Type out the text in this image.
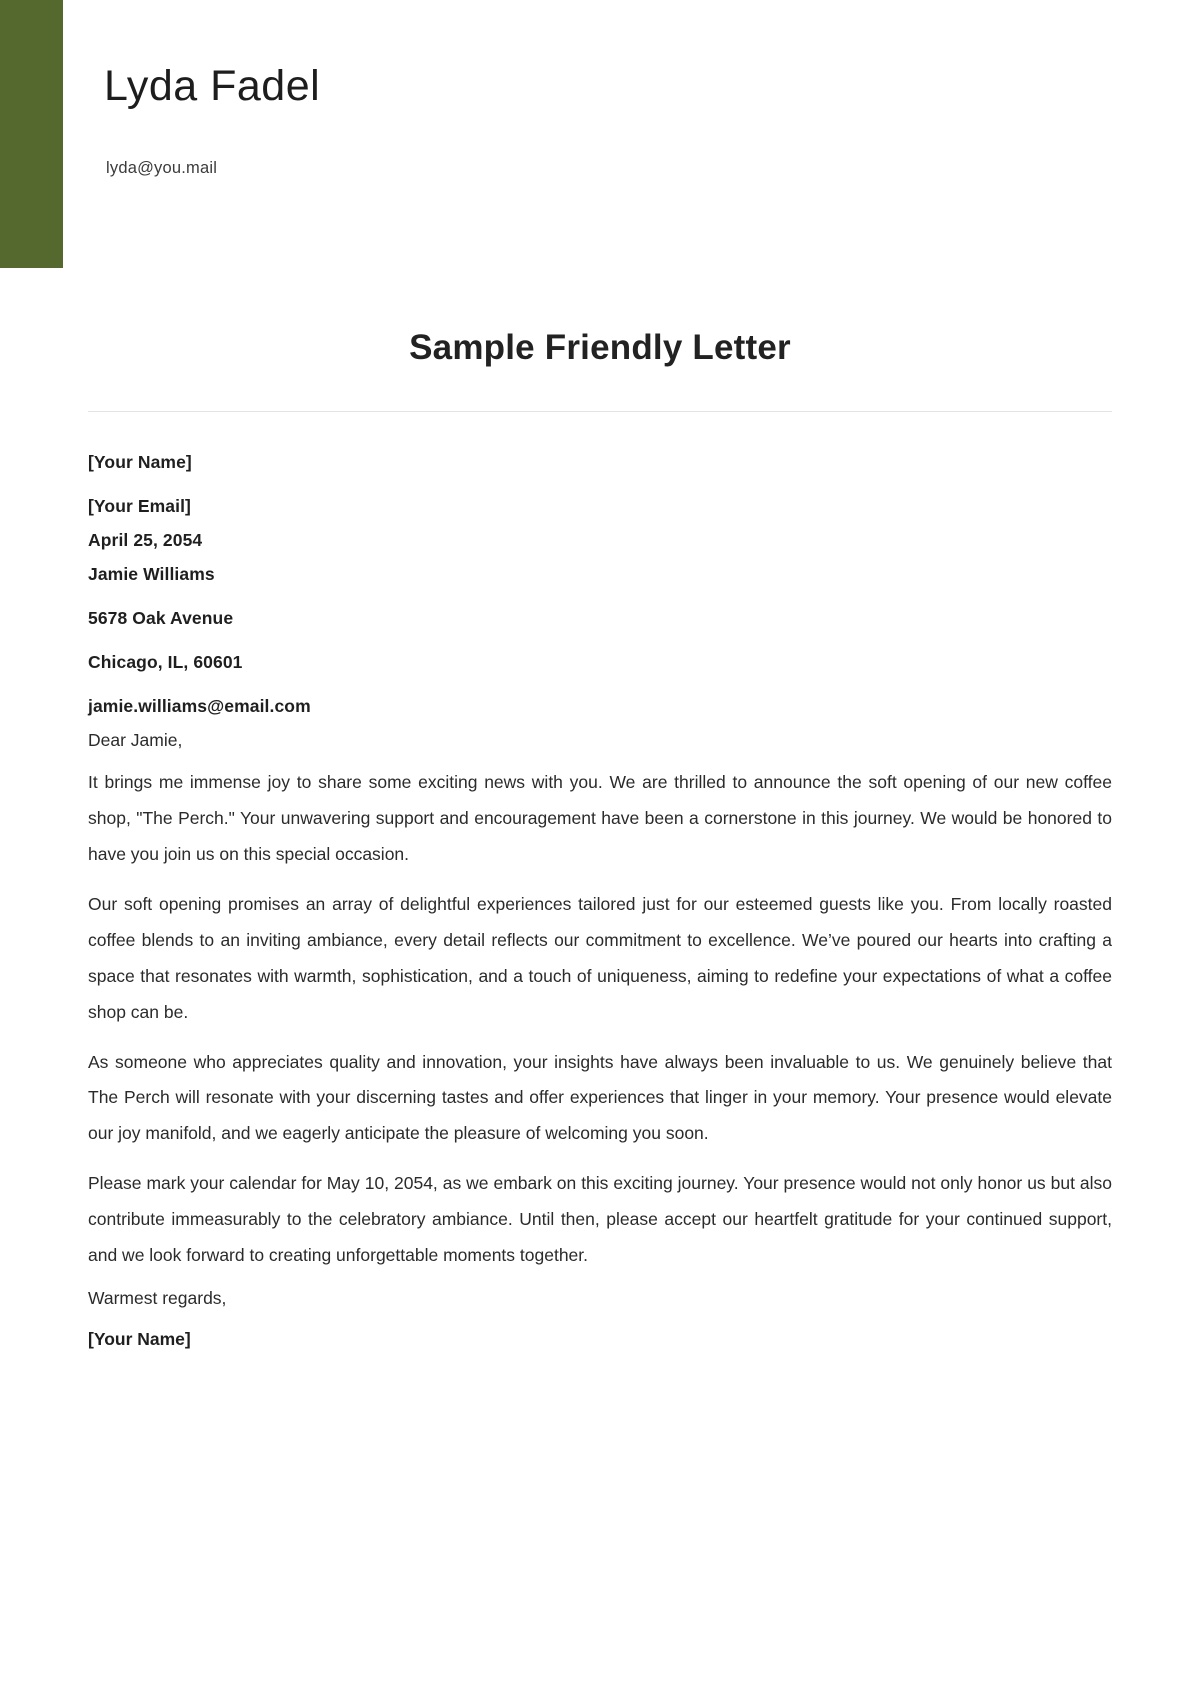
Lyda Fadel
lyda@you.mail
Sample Friendly Letter
[Your Name]
[Your Email]
April 25, 2054
Jamie Williams
5678 Oak Avenue
Chicago, IL, 60601
jamie.williams@email.com
Dear Jamie,

It brings me immense joy to share some exciting news with you. We are thrilled to announce the soft opening of our new coffee shop, "The Perch." Your unwavering support and encouragement have been a cornerstone in this journey. We would be honored to have you join us on this special occasion.

Our soft opening promises an array of delightful experiences tailored just for our esteemed guests like you. From locally roasted coffee blends to an inviting ambiance, every detail reflects our commitment to excellence. We’ve poured our hearts into crafting a space that resonates with warmth, sophistication, and a touch of uniqueness, aiming to redefine your expectations of what a coffee shop can be.

As someone who appreciates quality and innovation, your insights have always been invaluable to us. We genuinely believe that The Perch will resonate with your discerning tastes and offer experiences that linger in your memory. Your presence would elevate our joy manifold, and we eagerly anticipate the pleasure of welcoming you soon.

Please mark your calendar for May 10, 2054, as we embark on this exciting journey. Your presence would not only honor us but also contribute immeasurably to the celebratory ambiance. Until then, please accept our heartfelt gratitude for your continued support, and we look forward to creating unforgettable moments together.

Warmest regards,
[Your Name]
